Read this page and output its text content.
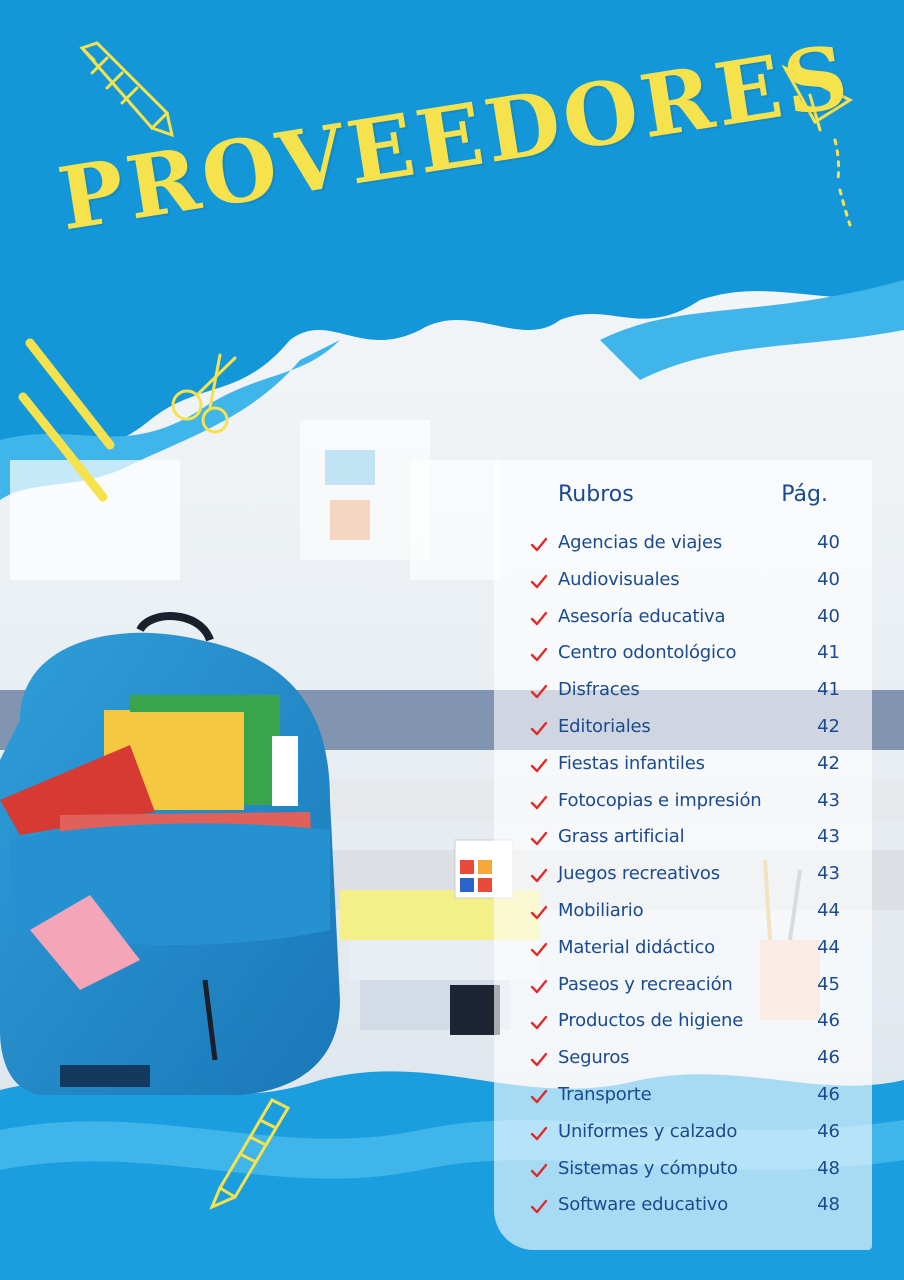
PROVEEDORES
Rubros	Pág.
Agencias de viajes	40
Audiovisuales	40
Asesoría educativa	40
Centro odontológico	41
Disfraces	41
Editoriales	42
Fiestas infantiles	42
Fotocopias e impresión	43
Grass artificial	43
Juegos recreativos	43
Mobiliario	44
Material didáctico	44
Paseos y recreación	45
Productos de higiene	46
Seguros	46
Transporte	46
Uniformes y calzado	46
Sistemas y cómputo	48
Software educativo	48
